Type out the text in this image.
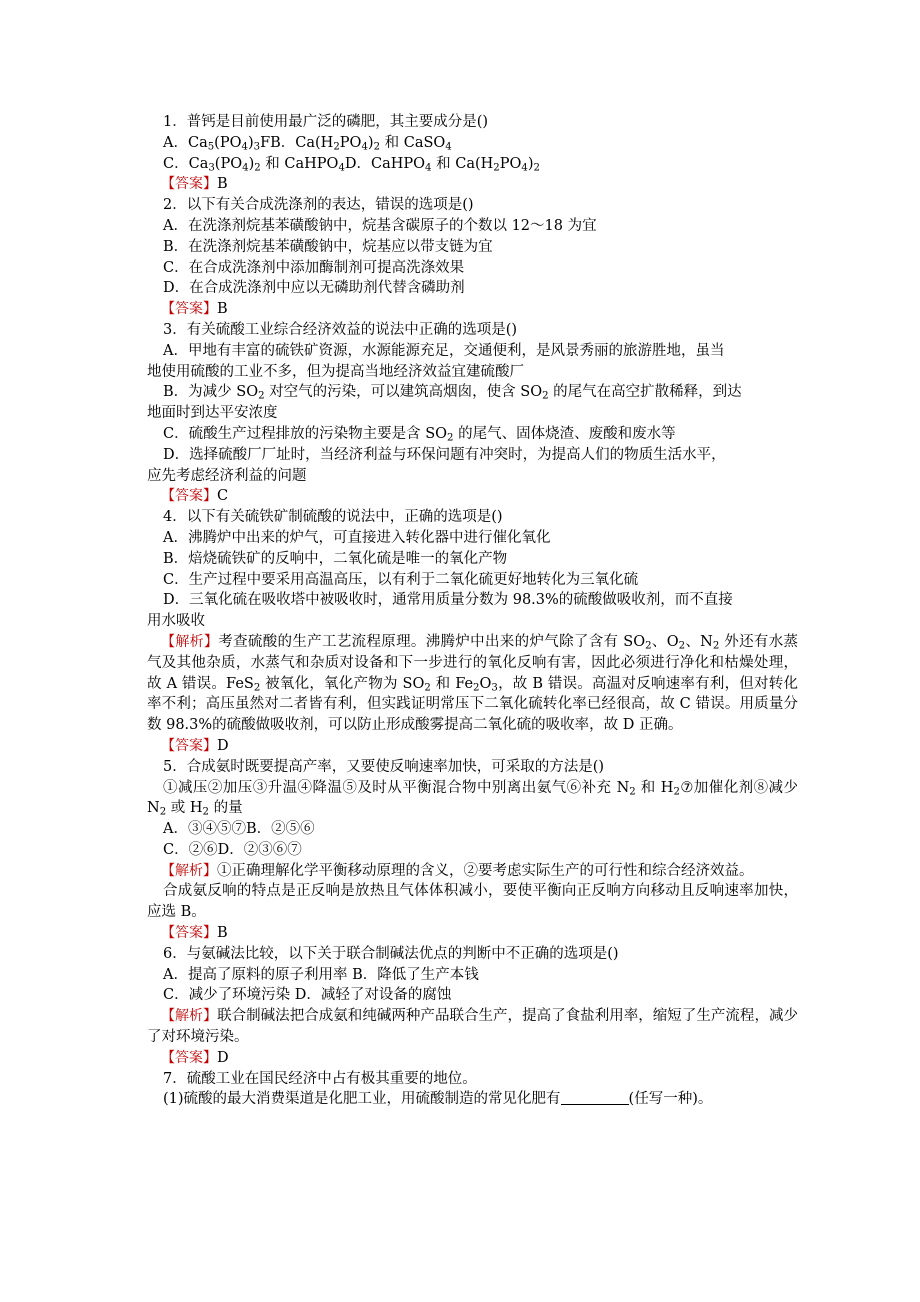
1．普钙是目前使用最广泛的磷肥，其主要成分是()
A．$Ca_5(PO_4)_3FB$．$Ca(H_2PO_4)_2$ 和 CaSO$_4$
C．$Ca_3(PO_4)_2$ 和 CaHPO$_4$D．CaHPO$_4$ 和 $Ca(H_2PO_4)_2$
【答案】B
2．以下有关合成洗涤剂的表达，错误的选项是()
A．在洗涤剂烷基苯磺酸钠中，烷基含碳原子的个数以 12～18 为宜
B．在洗涤剂烷基苯磺酸钠中，烷基应以带支链为宜
C．在合成洗涤剂中添加酶制剂可提高洗涤效果
D．在合成洗涤剂中应以无磷助剂代替含磷助剂
【答案】B
3．有关硫酸工业综合经济效益的说法中正确的选项是()
A．甲地有丰富的硫铁矿资源，水源能源充足，交通便利，是风景秀丽的旅游胜地，虽当
地使用硫酸的工业不多，但为提高当地经济效益宜建硫酸厂
B．为减少 $SO_2$ 对空气的污染，可以建筑高烟囱，使含 $SO_2$ 的尾气在高空扩散稀释，到达
地面时到达平安浓度
C．硫酸生产过程排放的污染物主要是含 $SO_2$ 的尾气、固体烧渣、废酸和废水等
D．选择硫酸厂厂址时，当经济利益与环保问题有冲突时，为提高人们的物质生活水平，
应先考虑经济利益的问题
【答案】C
4．以下有关硫铁矿制硫酸的说法中，正确的选项是()
A．沸腾炉中出来的炉气，可直接进入转化器中进行催化氧化
B．焙烧硫铁矿的反响中，二氧化硫是唯一的氧化产物
C．生产过程中要采用高温高压，以有利于二氧化硫更好地转化为三氧化硫
D．三氧化硫在吸收塔中被吸收时，通常用质量分数为 98.3%的硫酸做吸收剂，而不直接
用水吸收
【解析】考查硫酸的生产工艺流程原理。沸腾炉中出来的炉气除了含有 $SO_2$、$O_2$、$N_2$ 外还有水蒸气及其他杂质，水蒸气和杂质对设备和下一步进行的氧化反响有害，因此必须进行净化和枯燥处理，故 A 错误。FeS$_2$ 被氧化，氧化产物为 $SO_2$ 和 $Fe_2O_3$，故 B 错误。高温对反响速率有利，但对转化率不利；高压虽然对二者皆有利，但实践证明常压下二氧化硫转化率已经很高，故 C 错误。用质量分数 98.3%的硫酸做吸收剂，可以防止形成酸雾提高二氧化硫的吸收率，故 D 正确。
【答案】D
5．合成氨时既要提高产率，又要使反响速率加快，可采取的方法是()
①减压②加压③升温④降温⑤及时从平衡混合物中别离出氨气⑥补充 $N_2$ 和 $H_2⑦$加催化剂⑧减少 $N_2$ 或 $H_2$ 的量
A．③④⑤⑦B．②⑤⑥
C．②⑥D．②③⑥⑦
【解析】①正确理解化学平衡移动原理的含义，②要考虑实际生产的可行性和综合经济效益。
合成氨反响的特点是正反响是放热且气体体积减小，要使平衡向正反响方向移动且反响速率加快，应选 B。
【答案】B
6．与氨碱法比较，以下关于联合制碱法优点的判断中不正确的选项是()
A．提高了原料的原子利用率 B．降低了生产本钱
C．减少了环境污染 D．减轻了对设备的腐蚀
【解析】联合制碱法把合成氨和纯碱两种产品联合生产，提高了食盐利用率，缩短了生产流程，减少了对环境污染。
【答案】D
7．硫酸工业在国民经济中占有极其重要的地位。
(1)硫酸的最大消费渠道是化肥工业，用硫酸制造的常见化肥有	(任写一种)。
